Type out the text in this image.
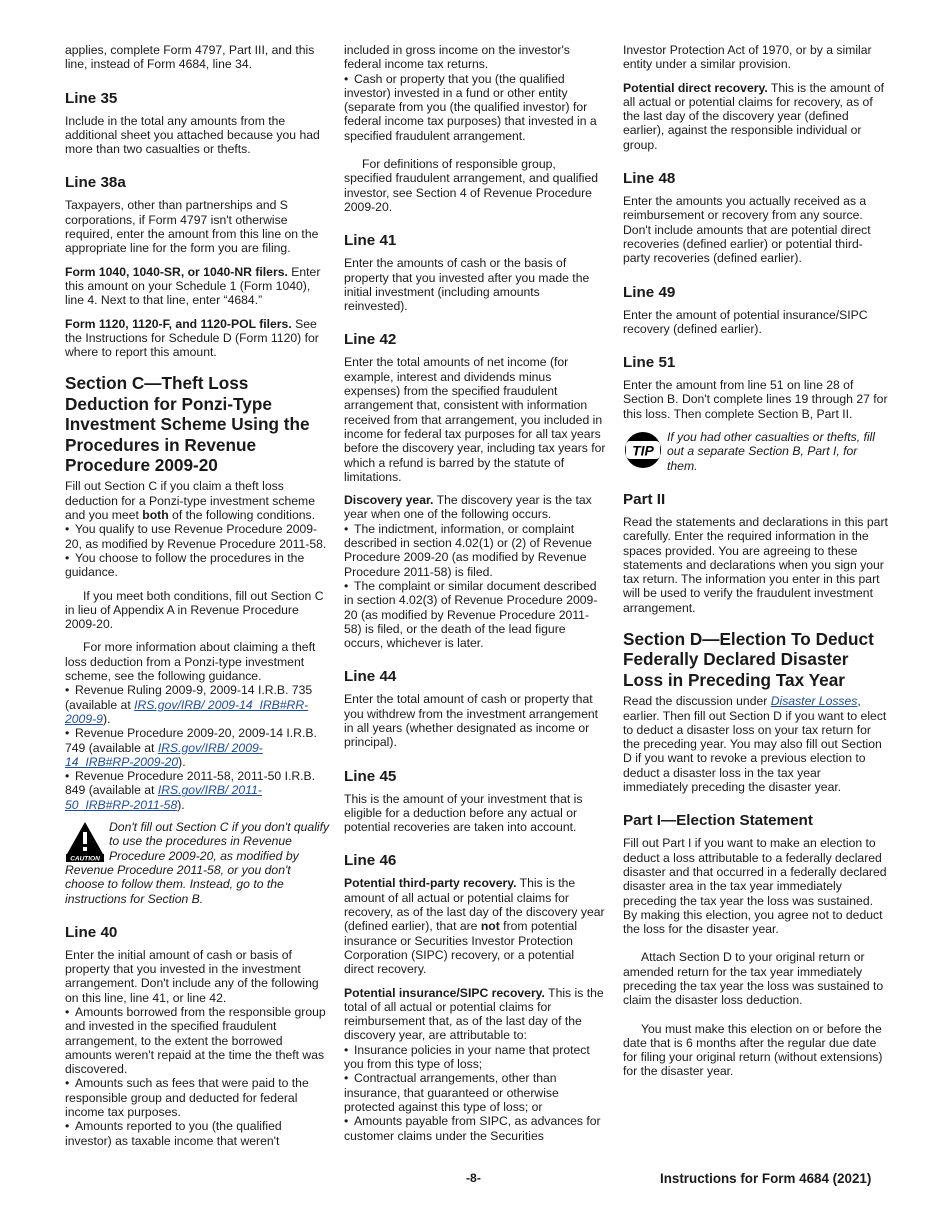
applies, complete Form 4797, Part III, and this line, instead of Form 4684, line 34.

Line 35

Include in the total any amounts from the additional sheet you attached because you had more than two casualties or thefts.

Line 38a

Taxpayers, other than partnerships and S corporations, if Form 4797 isn't otherwise required, enter the amount from this line on the appropriate line for the form you are filing.

Form 1040, 1040-SR, or 1040-NR filers. Enter this amount on your Schedule 1 (Form 1040), line 4. Next to that line, enter “4684.”

Form 1120, 1120-F, and 1120-POL filers. See the Instructions for Schedule D (Form 1120) for where to report this amount.

Section C—Theft Loss Deduction for Ponzi-Type Investment Scheme Using the Procedures in Revenue Procedure 2009-20

Fill out Section C if you claim a theft loss deduction for a Ponzi-type investment scheme and you meet both of the following conditions.

• You qualify to use Revenue Procedure 2009-20, as modified by Revenue Procedure 2011-58.

• You choose to follow the procedures in the guidance.

If you meet both conditions, fill out Section C in lieu of Appendix A in Revenue Procedure 2009-20.

For more information about claiming a theft loss deduction from a Ponzi-type investment scheme, see the following guidance.

• Revenue Ruling 2009-9, 2009-14 I.R.B. 735 (available at IRS.gov/IRB/ 2009-14_IRB#RR-2009-9).

• Revenue Procedure 2009-20, 2009-14 I.R.B. 749 (available at IRS.gov/IRB/ 2009-14_IRB#RP-2009-20).

• Revenue Procedure 2011-58, 2011-50 I.R.B. 849 (available at IRS.gov/IRB/ 2011-50_IRB#RP-2011-58).

CAUTION
Don't fill out Section C if you don't qualify to use the procedures in Revenue Procedure 2009-20, as modified by Revenue Procedure 2011-58, or you don't choose to follow them. Instead, go to the instructions for Section B.
Line 40

Enter the initial amount of cash or basis of property that you invested in the investment arrangement. Don't include any of the following on this line, line 41, or line 42.

• Amounts borrowed from the responsible group and invested in the specified fraudulent arrangement, to the extent the borrowed amounts weren't repaid at the time the theft was discovered.

• Amounts such as fees that were paid to the responsible group and deducted for federal income tax purposes.

• Amounts reported to you (the qualified investor) as taxable income that weren't

included in gross income on the investor's federal income tax returns.

• Cash or property that you (the qualified investor) invested in a fund or other entity (separate from you (the qualified investor) for federal income tax purposes) that invested in a specified fraudulent arrangement.

For definitions of responsible group, specified fraudulent arrangement, and qualified investor, see Section 4 of Revenue Procedure 2009-20.

Line 41

Enter the amounts of cash or the basis of property that you invested after you made the initial investment (including amounts reinvested).

Line 42

Enter the total amounts of net income (for example, interest and dividends minus expenses) from the specified fraudulent arrangement that, consistent with information received from that arrangement, you included in income for federal tax purposes for all tax years before the discovery year, including tax years for which a refund is barred by the statute of limitations.

Discovery year. The discovery year is the tax year when one of the following occurs.

• The indictment, information, or complaint described in section 4.02(1) or (2) of Revenue Procedure 2009-20 (as modified by Revenue Procedure 2011-58) is filed.

• The complaint or similar document described in section 4.02(3) of Revenue Procedure 2009-20 (as modified by Revenue Procedure 2011-58) is filed, or the death of the lead figure occurs, whichever is later.

Line 44

Enter the total amount of cash or property that you withdrew from the investment arrangement in all years (whether designated as income or principal).

Line 45

This is the amount of your investment that is eligible for a deduction before any actual or potential recoveries are taken into account.

Line 46

Potential third-party recovery. This is the amount of all actual or potential claims for recovery, as of the last day of the discovery year (defined earlier), that are not from potential insurance or Securities Investor Protection Corporation (SIPC) recovery, or a potential direct recovery.

Potential insurance/SIPC recovery. This is the total of all actual or potential claims for reimbursement that, as of the last day of the discovery year, are attributable to:

• Insurance policies in your name that protect you from this type of loss;

• Contractual arrangements, other than insurance, that guaranteed or otherwise protected against this type of loss; or

• Amounts payable from SIPC, as advances for customer claims under the Securities

Investor Protection Act of 1970, or by a similar entity under a similar provision.

Potential direct recovery. This is the amount of all actual or potential claims for recovery, as of the last day of the discovery year (defined earlier), against the responsible individual or group.

Line 48

Enter the amounts you actually received as a reimbursement or recovery from any source. Don't include amounts that are potential direct recoveries (defined earlier) or potential third-party recoveries (defined earlier).

Line 49

Enter the amount of potential insurance/SIPC recovery (defined earlier).

Line 51

Enter the amount from line 51 on line 28 of Section B. Don't complete lines 19 through 27 for this loss. Then complete Section B, Part II.

TIP
If you had other casualties or thefts, fill out a separate Section B, Part I, for them.
Part II

Read the statements and declarations in this part carefully. Enter the required information in the spaces provided. You are agreeing to these statements and declarations when you sign your tax return. The information you enter in this part will be used to verify the fraudulent investment arrangement.

Section D—Election To Deduct Federally Declared Disaster Loss in Preceding Tax Year

Read the discussion under Disaster Losses, earlier. Then fill out Section D if you want to elect to deduct a disaster loss on your tax return for the preceding year. You may also fill out Section D if you want to revoke a previous election to deduct a disaster loss in the tax year immediately preceding the disaster year.

Part I—Election Statement

Fill out Part I if you want to make an election to deduct a loss attributable to a federally declared disaster and that occurred in a federally declared disaster area in the tax year immediately preceding the tax year the loss was sustained. By making this election, you agree not to deduct the loss for the disaster year.

Attach Section D to your original return or amended return for the tax year immediately preceding the tax year the loss was sustained to claim the disaster loss deduction.

You must make this election on or before the date that is 6 months after the regular due date for filing your original return (without extensions) for the disaster year.

-8-	Instructions for Form 4684 (2021)
